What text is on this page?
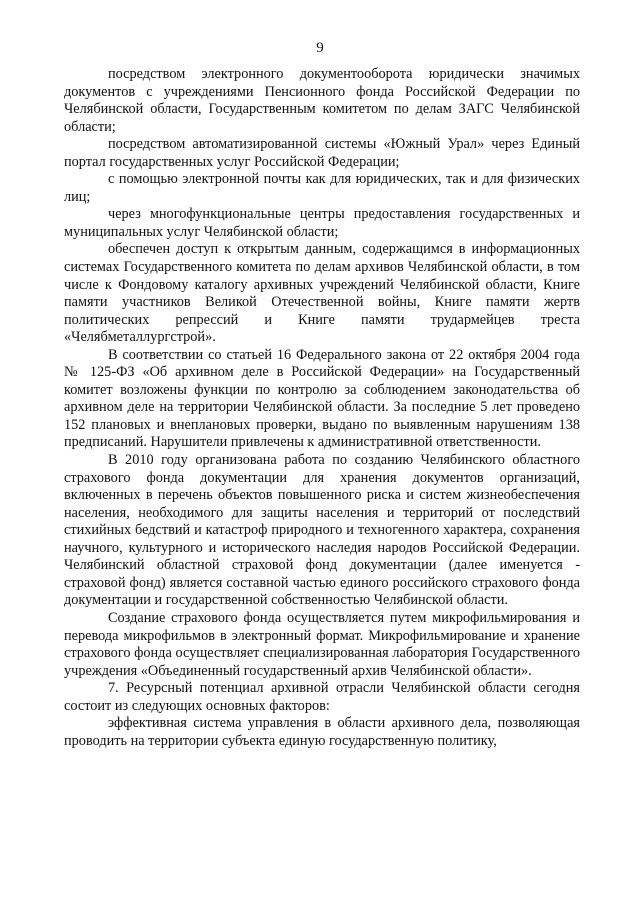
9

посредством электронного документооборота юридически значимых документов с учреждениями Пенсионного фонда Российской Федерации по Челябинской области, Государственным комитетом по делам ЗАГС Челябинской области;

посредством автоматизированной системы «Южный Урал» через Единый портал государственных услуг Российской Федерации;

с помощью электронной почты как для юридических, так и для физических лиц;

через многофункциональные центры предоставления государственных и муниципальных услуг Челябинской области;

обеспечен доступ к открытым данным, содержащимся в информационных системах Государственного комитета по делам архивов Челябинской области, в том числе к Фондовому каталогу архивных учреждений Челябинской области, Книге памяти участников Великой Отечественной войны, Книге памяти жертв политических репрессий и Книге памяти трудармейцев треста «Челябметаллургстрой».

В соответствии со статьей 16 Федерального закона от 22 октября 2004 года № 125-ФЗ «Об архивном деле в Российской Федерации» на Государственный комитет возложены функции по контролю за соблюдением законодательства об архивном деле на территории Челябинской области. За последние 5 лет проведено 152 плановых и внеплановых проверки, выдано по выявленным нарушениям 138 предписаний. Нарушители привлечены к административной ответственности.

В 2010 году организована работа по созданию Челябинского областного страхового фонда документации для хранения документов организаций, включенных в перечень объектов повышенного риска и систем жизнеобеспечения населения, необходимого для защиты населения и территорий от последствий стихийных бедствий и катастроф природного и техногенного характера, сохранения научного, культурного и исторического наследия народов Российской Федерации. Челябинский областной страховой фонд документации (далее именуется - страховой фонд) является составной частью единого российского страхового фонда документации и государственной собственностью Челябинской области.

Создание страхового фонда осуществляется путем микрофильмирования и перевода микрофильмов в электронный формат. Микрофильмирование и хранение страхового фонда осуществляет специализированная лаборатория Государственного учреждения «Объединенный государственный архив Челябинской области».

7. Ресурсный потенциал архивной отрасли Челябинской области сегодня состоит из следующих основных факторов:

эффективная система управления в области архивного дела, позволяющая проводить на территории субъекта единую государственную политику,
